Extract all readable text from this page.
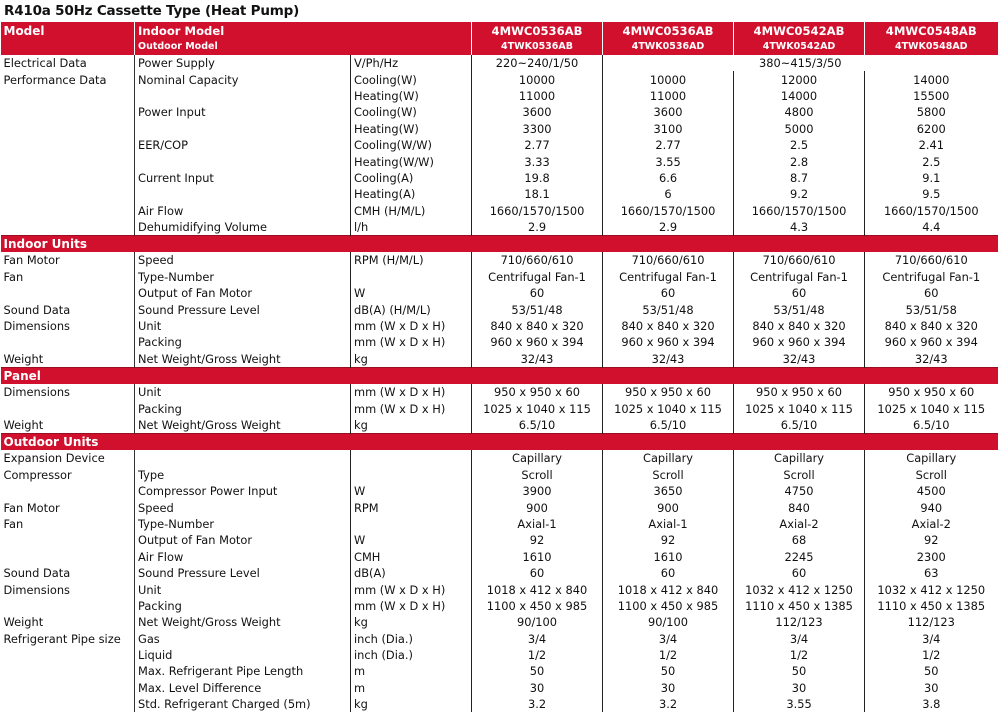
R410a 50Hz Cassette Type (Heat Pump)
Model	Indoor Model		4MWC0536AB	4MWC0536AB	4MWC0542AB	4MWC0548AB
	Outdoor Model		4TWK0536AB	4TWK0536AD	4TWK0542AD	4TWK0548AD
Electrical Data	Power Supply	V/Ph/Hz	220~240/1/50	380~415/3/50		
Performance Data	Nominal Capacity	Cooling(W)	10000	10000	12000	14000
		Heating(W)	11000	11000	14000	15500
	Power Input	Cooling(W)	3600	3600	4800	5800
		Heating(W)	3300	3100	5000	6200
	EER/COP	Cooling(W/W)	2.77	2.77	2.5	2.41
		Heating(W/W)	3.33	3.55	2.8	2.5
	Current Input	Cooling(A)	19.8	6.6	8.7	9.1
		Heating(A)	18.1	6	9.2	9.5
	Air Flow	CMH (H/M/L)	1660/1570/1500	1660/1570/1500	1660/1570/1500	1660/1570/1500
	Dehumidifying Volume	l/h	2.9	2.9	4.3	4.4
Indoor Units						
Fan Motor	Speed	RPM (H/M/L)	710/660/610	710/660/610	710/660/610	710/660/610
Fan	Type-Number		Centrifugal Fan-1	Centrifugal Fan-1	Centrifugal Fan-1	Centrifugal Fan-1
	Output of Fan Motor	W	60	60	60	60
Sound Data	Sound Pressure Level	dB(A) (H/M/L)	53/51/48	53/51/48	53/51/48	53/51/58
Dimensions	Unit	mm (W x D x H)	840 x 840 x 320	840 x 840 x 320	840 x 840 x 320	840 x 840 x 320
	Packing	mm (W x D x H)	960 x 960 x 394	960 x 960 x 394	960 x 960 x 394	960 x 960 x 394
Weight	Net Weight/Gross Weight	kg	32/43	32/43	32/43	32/43
Panel						
Dimensions	Unit	mm (W x D x H)	950 x 950 x 60	950 x 950 x 60	950 x 950 x 60	950 x 950 x 60
	Packing	mm (W x D x H)	1025 x 1040 x 115	1025 x 1040 x 115	1025 x 1040 x 115	1025 x 1040 x 115
Weight	Net Weight/Gross Weight	kg	6.5/10	6.5/10	6.5/10	6.5/10
Outdoor Units						
Expansion Device			Capillary	Capillary	Capillary	Capillary
Compressor	Type		Scroll	Scroll	Scroll	Scroll
	Compressor Power Input	W	3900	3650	4750	4500
Fan Motor	Speed	RPM	900	900	840	940
Fan	Type-Number		Axial-1	Axial-1	Axial-2	Axial-2
	Output of Fan Motor	W	92	92	68	92
	Air Flow	CMH	1610	1610	2245	2300
Sound Data	Sound Pressure Level	dB(A)	60	60	60	63
Dimensions	Unit	mm (W x D x H)	1018 x 412 x 840	1018 x 412 x 840	1032 x 412 x 1250	1032 x 412 x 1250
	Packing	mm (W x D x H)	1100 x 450 x 985	1100 x 450 x 985	1110 x 450 x 1385	1110 x 450 x 1385
Weight	Net Weight/Gross Weight	kg	90/100	90/100	112/123	112/123
Refrigerant Pipe size	Gas	inch (Dia.)	3/4	3/4	3/4	3/4
	Liquid	inch (Dia.)	1/2	1/2	1/2	1/2
	Max. Refrigerant Pipe Length	m	50	50	50	50
	Max. Level Difference	m	30	30	30	30
	Std. Refrigerant Charged (5m)	kg	3.2	3.2	3.55	3.8
